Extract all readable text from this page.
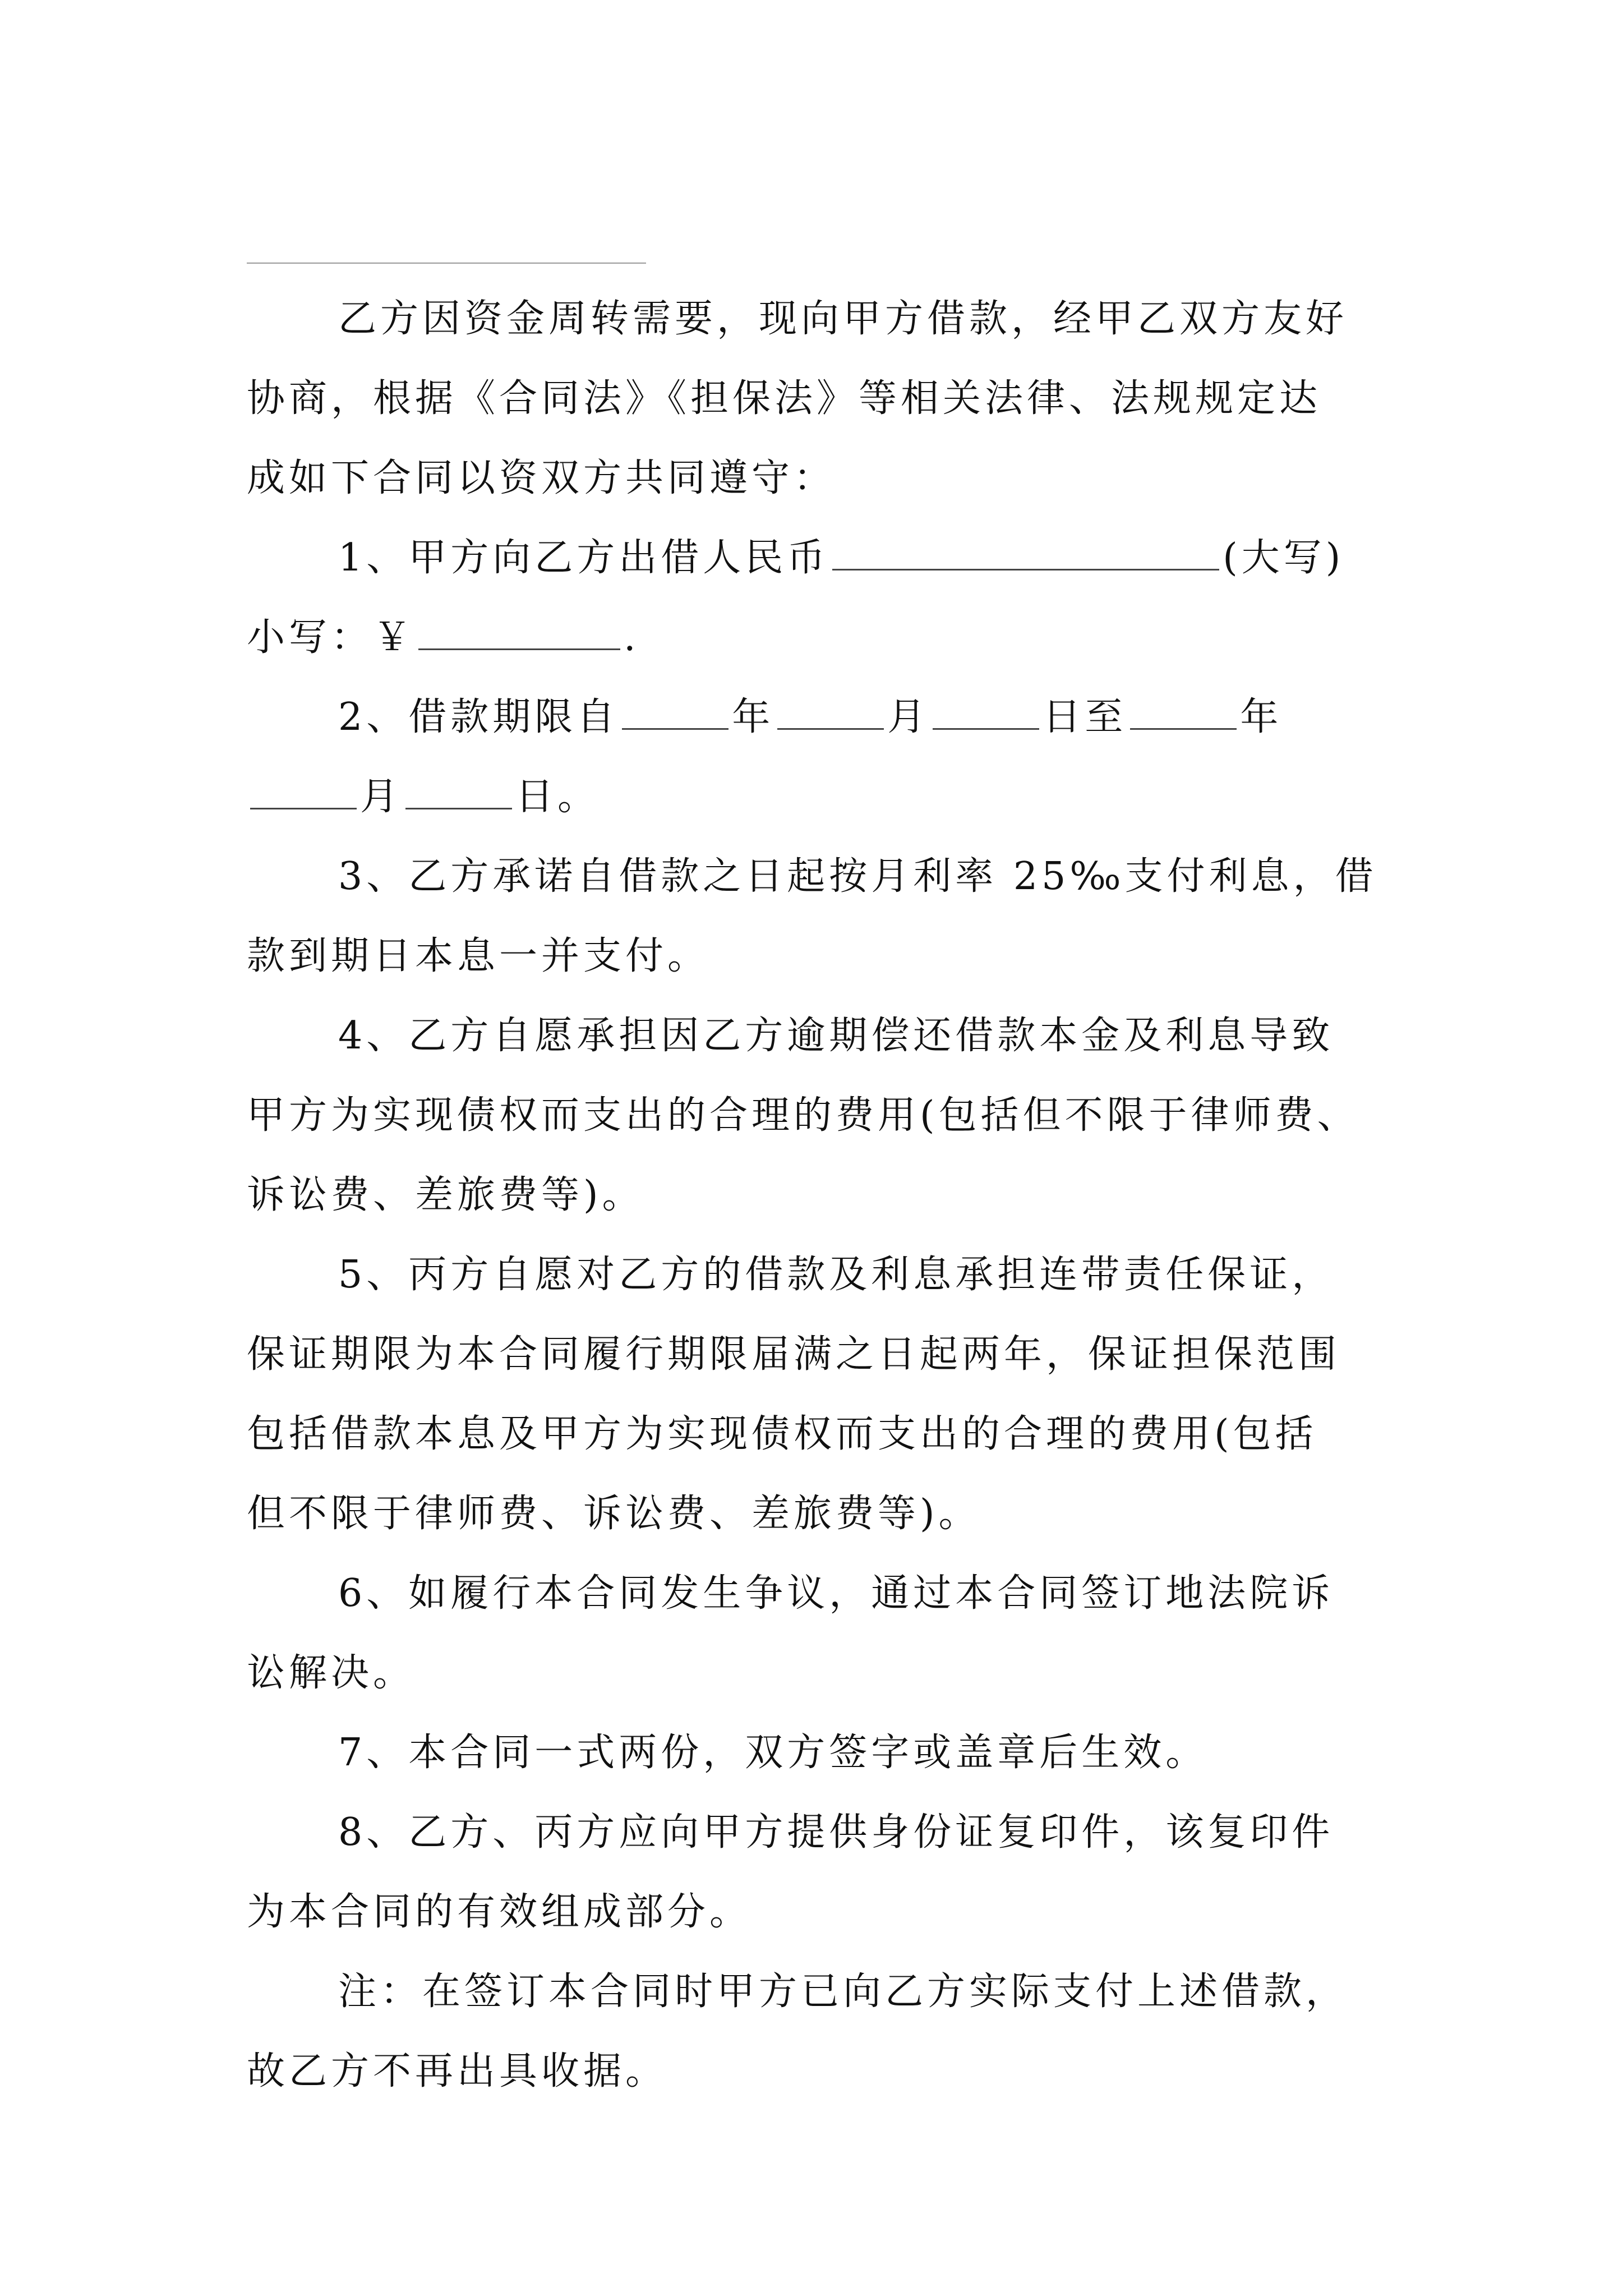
乙方因资金周转需要，现向甲方借款，经甲乙双方友好
协商，根据《合同法》《担保法》等相关法律、法规规定达
成如下合同以资双方共同遵守：

1、甲方向乙方出借人民币	(大写)
小写：￥	.

2、借款期限自	年	月	日至	年
月	日。

3、乙方承诺自借款之日起按月利率 25‰支付利息，借
款到期日本息一并支付。

4、乙方自愿承担因乙方逾期偿还借款本金及利息导致
甲方为实现债权而支出的合理的费用(包括但不限于律师费、
诉讼费、差旅费等)。

5、丙方自愿对乙方的借款及利息承担连带责任保证，
保证期限为本合同履行期限届满之日起两年，保证担保范围
包括借款本息及甲方为实现债权而支出的合理的费用(包括
但不限于律师费、诉讼费、差旅费等)。

6、如履行本合同发生争议，通过本合同签订地法院诉
讼解决。

7、本合同一式两份，双方签字或盖章后生效。

8、乙方、丙方应向甲方提供身份证复印件，该复印件
为本合同的有效组成部分。

注：在签订本合同时甲方已向乙方实际支付上述借款，
故乙方不再出具收据。
